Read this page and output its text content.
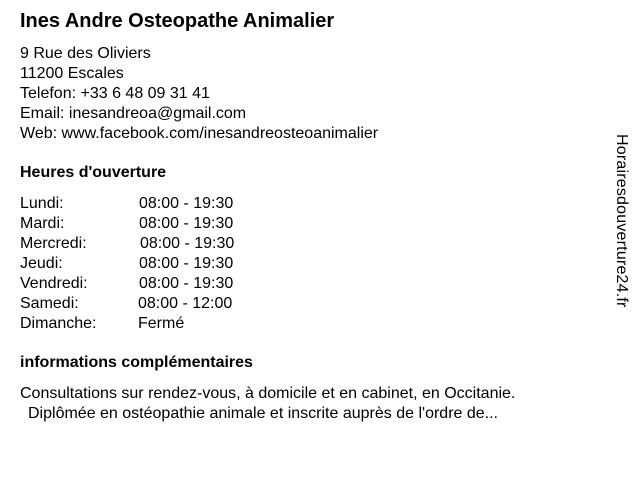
Ines Andre Osteopathe Animalier
9 Rue des Oliviers
11200 Escales
Telefon: +33 6 48 09 31 41
Email: inesandreoa@gmail.com
Web: www.facebook.com/inesandreosteoanimalier
Heures d'ouverture
Lundi:	08:00 - 19:30
Mardi:	08:00 - 19:30
Mercredi:	08:00 - 19:30
Jeudi:	08:00 - 19:30
Vendredi:	08:00 - 19:30
Samedi:	08:00 - 12:00
Dimanche:	Fermé
informations complémentaires
Consultations sur rendez-vous, à domicile et en cabinet, en Occitanie.
Diplômée en ostéopathie animale et inscrite auprès de l'ordre de...
Horairesdouverture24.fr
